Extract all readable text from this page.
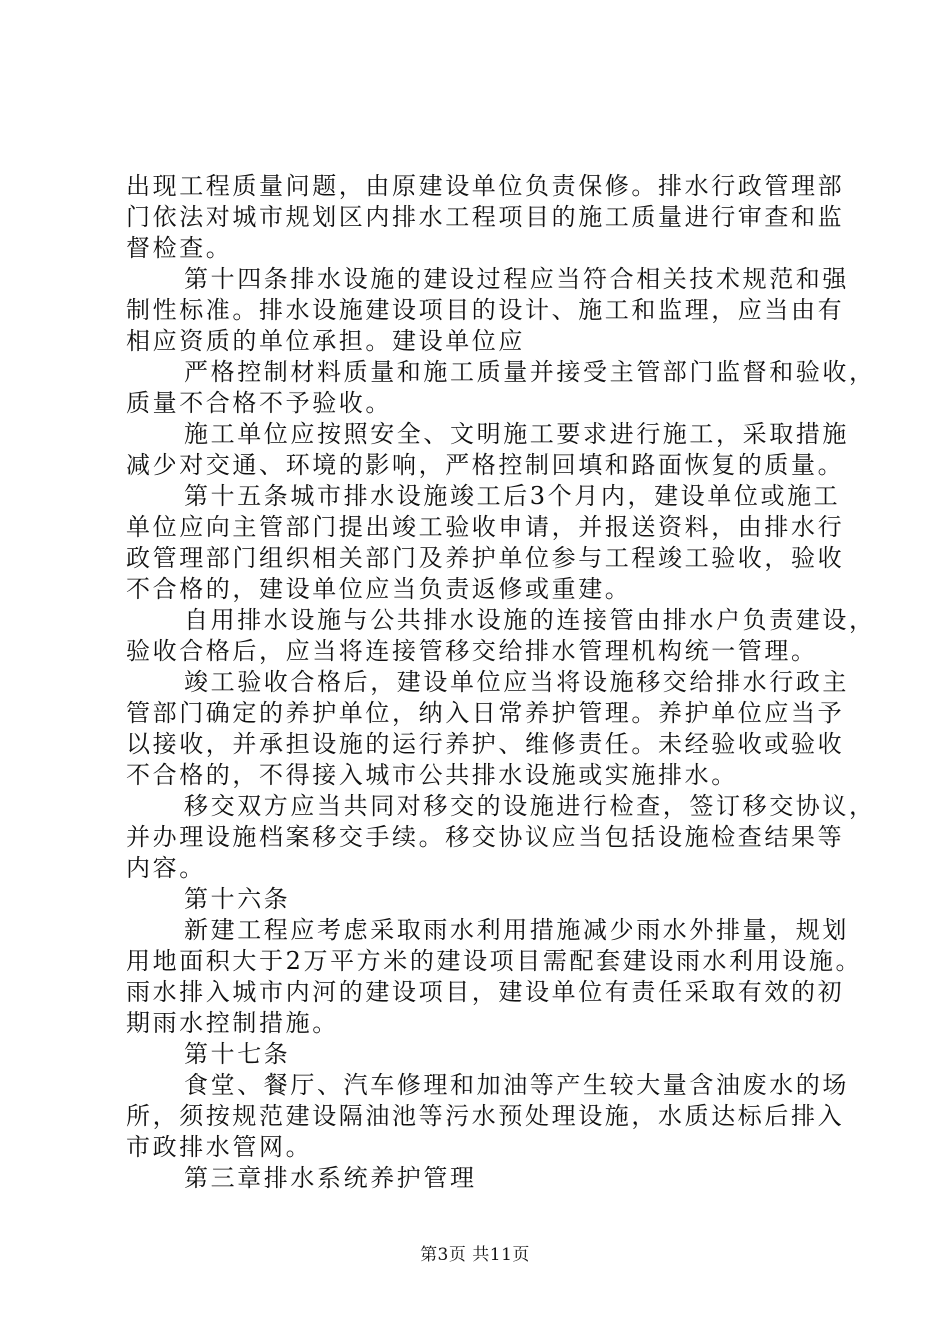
出现工程质量问题，由原建设单位负责保修。排水行政管理部
门依法对城市规划区内排水工程项目的施工质量进行审查和监
督检查。
第十四条排水设施的建设过程应当符合相关技术规范和强
制性标准。排水设施建设项目的设计、施工和监理，应当由有
相应资质的单位承担。建设单位应
严格控制材料质量和施工质量并接受主管部门监督和验收，
质量不合格不予验收。
施工单位应按照安全、文明施工要求进行施工，采取措施
减少对交通、环境的影响，严格控制回填和路面恢复的质量。
第十五条城市排水设施竣工后3个月内，建设单位或施工
单位应向主管部门提出竣工验收申请，并报送资料，由排水行
政管理部门组织相关部门及养护单位参与工程竣工验收，验收
不合格的，建设单位应当负责返修或重建。
自用排水设施与公共排水设施的连接管由排水户负责建设，
验收合格后，应当将连接管移交给排水管理机构统一管理。
竣工验收合格后，建设单位应当将设施移交给排水行政主
管部门确定的养护单位，纳入日常养护管理。养护单位应当予
以接收，并承担设施的运行养护、维修责任。未经验收或验收
不合格的，不得接入城市公共排水设施或实施排水。
移交双方应当共同对移交的设施进行检查，签订移交协议，
并办理设施档案移交手续。移交协议应当包括设施检查结果等
内容。
第十六条
新建工程应考虑采取雨水利用措施减少雨水外排量，规划
用地面积大于2万平方米的建设项目需配套建设雨水利用设施。
雨水排入城市内河的建设项目，建设单位有责任采取有效的初
期雨水控制措施。
第十七条
食堂、餐厅、汽车修理和加油等产生较大量含油废水的场
所，须按规范建设隔油池等污水预处理设施，水质达标后排入
市政排水管网。
第三章排水系统养护管理
第3页 共11页
